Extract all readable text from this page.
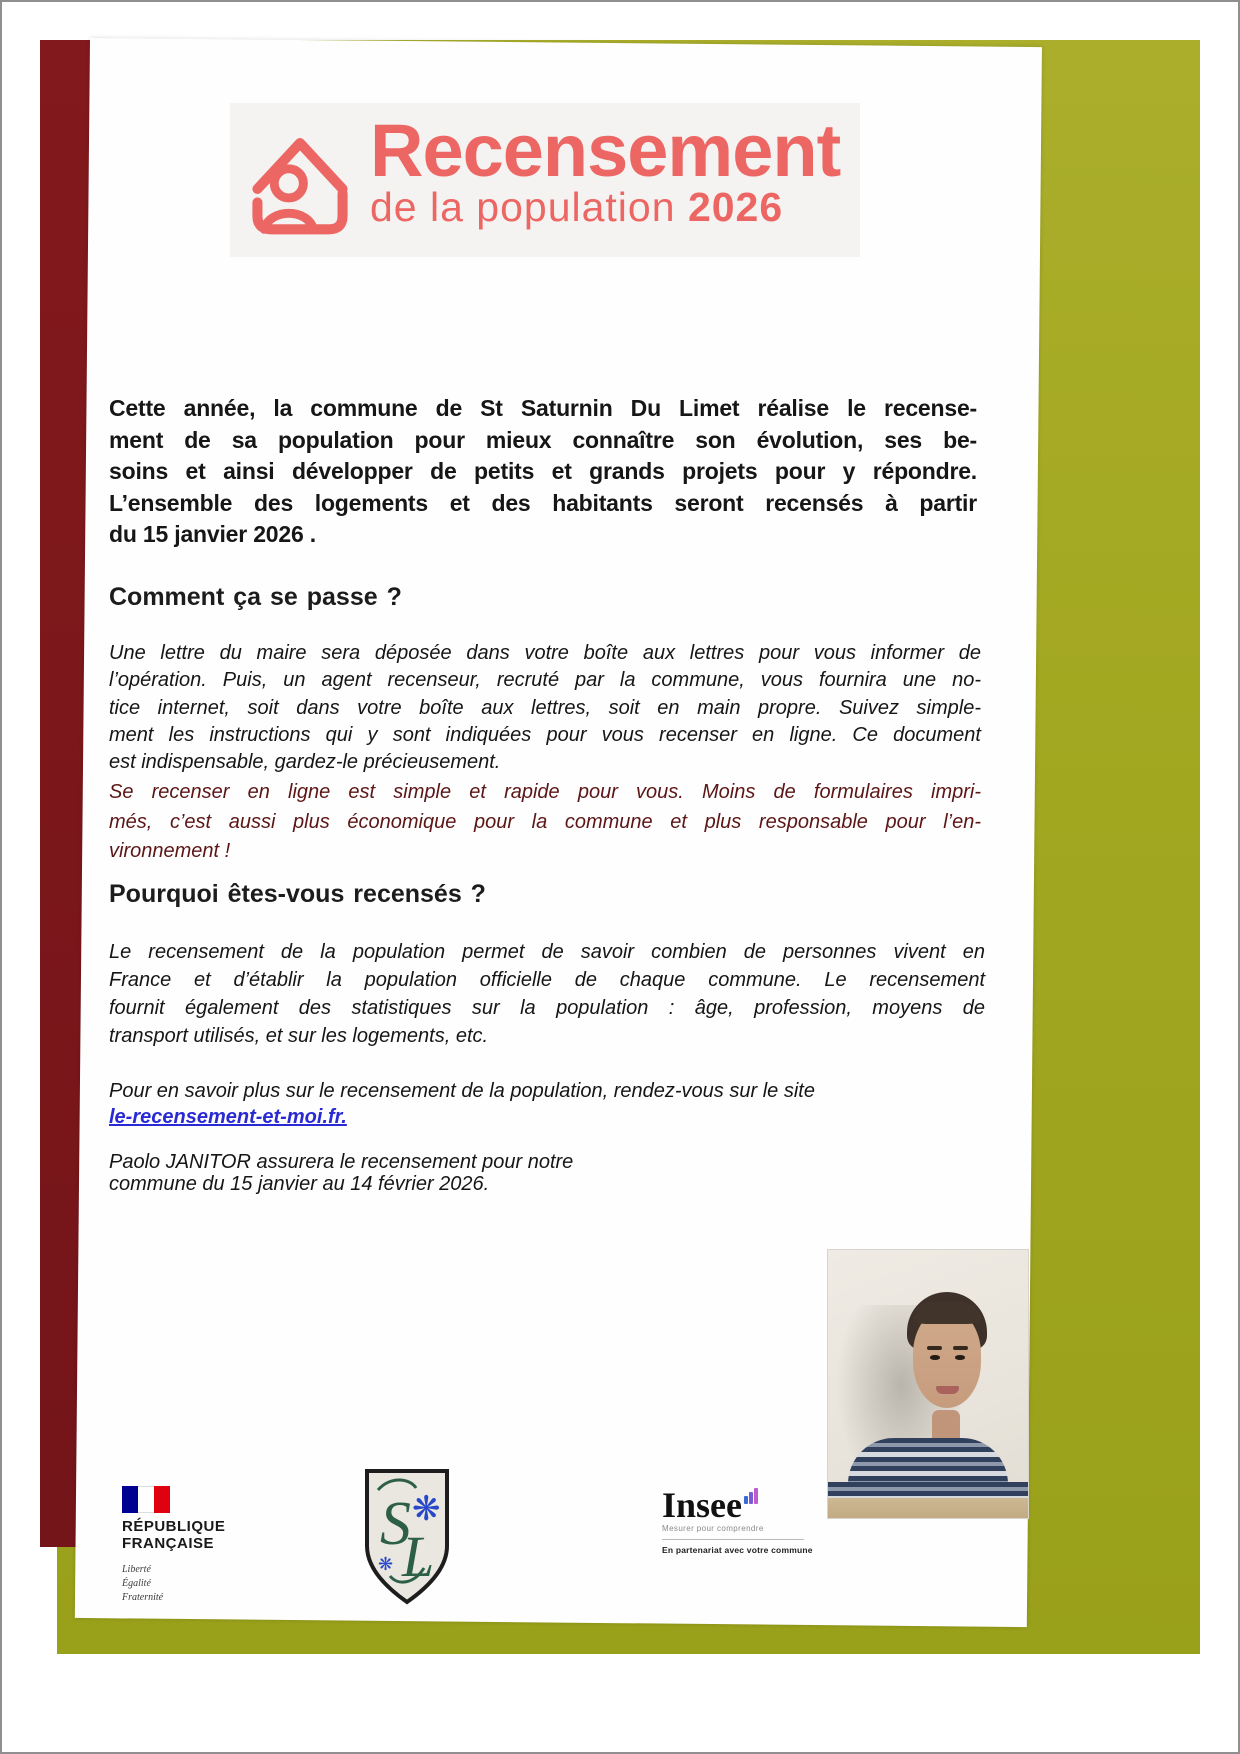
Recensement
de la population 2026
Cette année, la commune de St Saturnin Du Limet réalise le recense-
ment de sa population pour mieux connaître son évolution, ses be-
soins et ainsi développer de petits et grands projets pour y répondre.
L’ensemble des logements et des habitants seront recensés à partir
du 15 janvier 2026 .
Comment ça se passe ?
Une lettre du maire sera déposée dans votre boîte aux lettres pour vous informer de
l’opération. Puis, un agent recenseur, recruté par la commune, vous fournira une no-
tice internet, soit dans votre boîte aux lettres, soit en main propre. Suivez simple-
ment les instructions qui y sont indiquées pour vous recenser en ligne. Ce document
est indispensable, gardez-le précieusement.
Se recenser en ligne est simple et rapide pour vous. Moins de formulaires impri-
més, c’est aussi plus économique pour la commune et plus responsable pour l’en-
vironnement !
Pourquoi êtes-vous recensés ?
Le recensement de la population permet de savoir combien de personnes vivent en
France et d’établir la population officielle de chaque commune. Le recensement
fournit également des statistiques sur la population : âge, profession, moyens de
transport utilisés, et sur les logements, etc.
Pour en savoir plus sur le recensement de la population, rendez-vous sur le site
le-recensement-et-moi.fr.
Paolo JANITOR assurera le recensement pour notre
commune du 15 janvier au 14 février 2026.
RÉPUBLIQUE
FRANÇAISE
Liberté
Égalité
Fraternité
S
L
❋
❋
Insee
Mesurer pour comprendre
En partenariat avec votre commune
